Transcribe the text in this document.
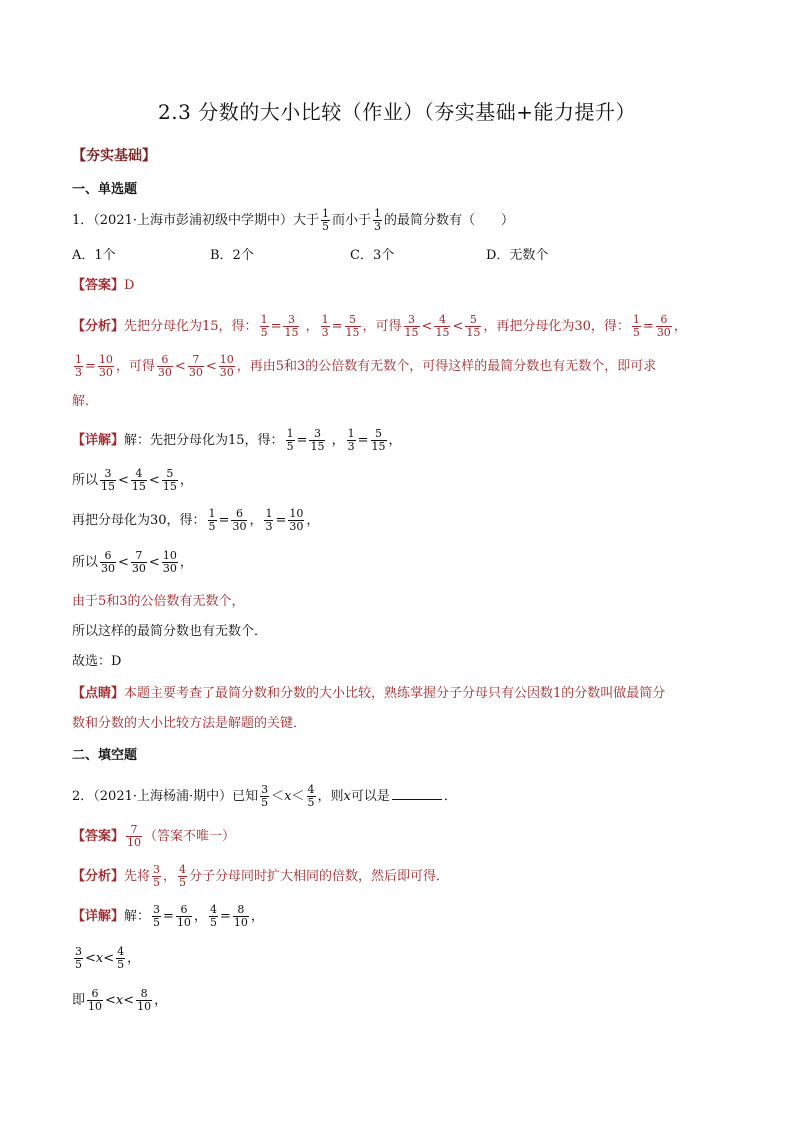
2.3 分数的大小比较（作业）（夯实基础+能力提升）
【夯实基础】
一、单选题
1．（2021·上海市彭浦初级中学期中）大于 $\frac{1}{5}$ 而小于 $\frac{1}{3}$ 的最简分数有（　　）
A．1个	B．2个	C．3个	D．无数个
【答案】D
【分析】先把分母化为15，得： $\frac{1}{5} = \frac{3}{15}$ ， $\frac{1}{3} = \frac{5}{15}$ ，可得 $\frac{3}{15} < \frac{4}{15} < \frac{5}{15}$ ，再把分母化为30，得： $\frac{1}{5} = \frac{6}{30}$ ，
$\frac{1}{3} = \frac{10}{30}$ ，可得 $\frac{6}{30} < \frac{7}{30} < \frac{10}{30}$ ，再由5和3的公倍数有无数个，可得这样的最简分数也有无数个，即可求
解．
【详解】解：先把分母化为15，得： $\frac{1}{5} = \frac{3}{15}$ ， $\frac{1}{3} = \frac{5}{15}$ ，
所以 $\frac{3}{15} < \frac{4}{15} < \frac{5}{15}$ ，
再把分母化为30，得： $\frac{1}{5} = \frac{6}{30}$ ， $\frac{1}{3} = \frac{10}{30}$ ，
所以 $\frac{6}{30} < \frac{7}{30} < \frac{10}{30}$ ，
由于5和3的公倍数有无数个，
所以这样的最简分数也有无数个．
故选：D
【点睛】本题主要考查了最简分数和分数的大小比较，熟练掌握分子分母只有公因数1的分数叫做最简分
数和分数的大小比较方法是解题的关键．
二、填空题
2．（2021·上海杨浦·期中）已知 $\frac{3}{5} <x< \frac{4}{5}$ ，则x可以是	．
【答案】 $\frac{7}{10}$ （答案不唯一）
【分析】先将 $\frac{3}{5}$ ， $\frac{4}{5}$ 分子分母同时扩大相同的倍数，然后即可得．
【详解】解： $\frac{3}{5} = \frac{6}{10}$ ， $\frac{4}{5} = \frac{8}{10}$ ，
$\frac{3}{5} <x< \frac{4}{5}$ ，
即 $\frac{6}{10} <x< \frac{8}{10}$ ，
